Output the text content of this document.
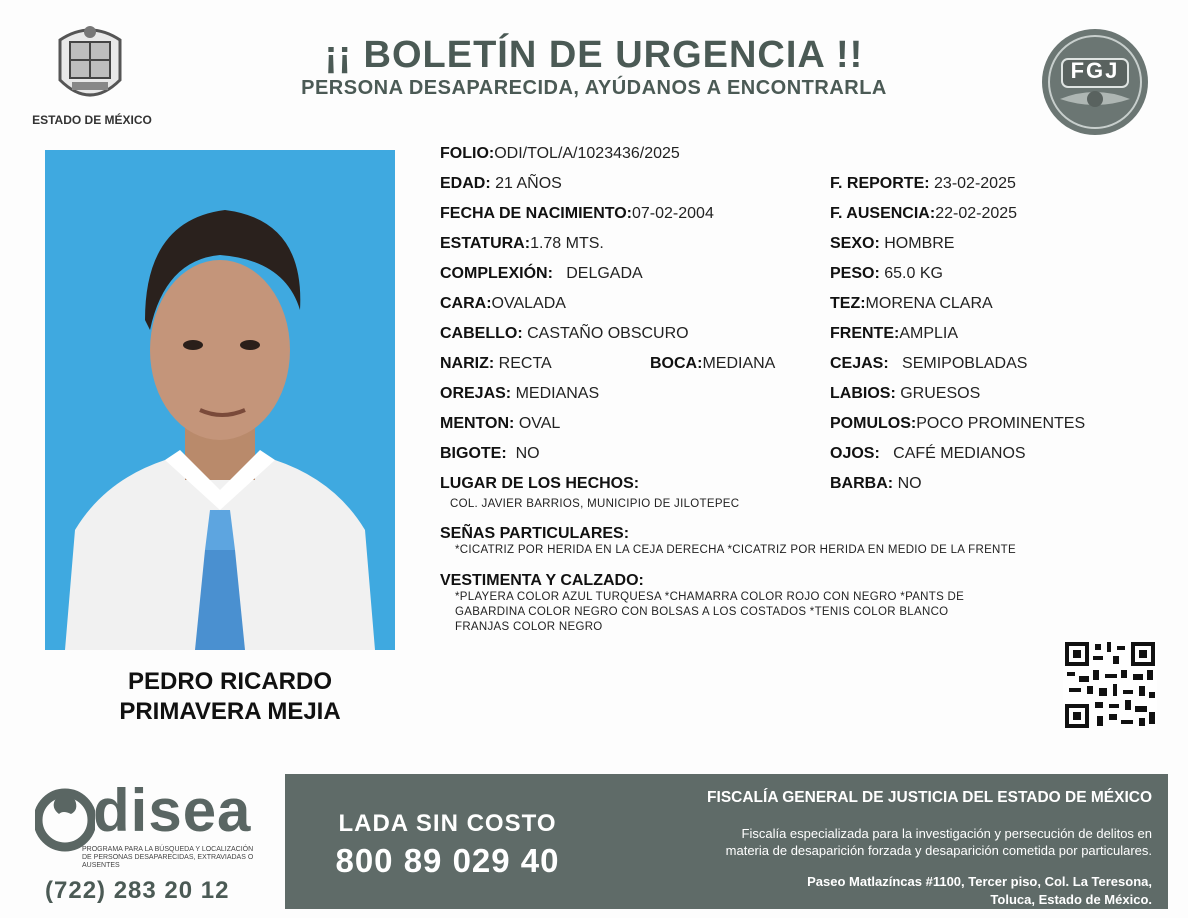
ESTADO DE MÉXICO
¡¡ BOLETÍN DE URGENCIA !!
PERSONA DESAPARECIDA, AYÚDANOS A ENCONTRARLA
FGJ
PEDRO RICARDO
PRIMAVERA MEJIA
FOLIO:ODI/TOL/A/1023436/2025
EDAD: 21 AÑOS
FECHA DE NACIMIENTO:07-02-2004
ESTATURA:1.78 MTS.
COMPLEXIÓN: DELGADA
CARA:OVALADA
CABELLO: CASTAÑO OBSCURO
NARIZ: RECTA	BOCA:MEDIANA
OREJAS: MEDIANAS
MENTON: OVAL
BIGOTE: NO
LUGAR DE LOS HECHOS:
COL. JAVIER BARRIOS, MUNICIPIO DE JILOTEPEC
F. REPORTE: 23-02-2025
F. AUSENCIA:22-02-2025
SEXO: HOMBRE
PESO: 65.0 KG
TEZ:MORENA CLARA
FRENTE:AMPLIA
CEJAS: SEMIPOBLADAS
LABIOS: GRUESOS
POMULOS:POCO PROMINENTES
OJOS: CAFÉ MEDIANOS
BARBA: NO
SEÑAS PARTICULARES:
*CICATRIZ POR HERIDA EN LA CEJA DERECHA *CICATRIZ POR HERIDA EN MEDIO DE LA FRENTE
VESTIMENTA Y CALZADO:
*PLAYERA COLOR AZUL TURQUESA *CHAMARRA COLOR ROJO CON NEGRO *PANTS DE
GABARDINA COLOR NEGRO CON BOLSAS A LOS COSTADOS *TENIS COLOR BLANCO
FRANJAS COLOR NEGRO
disea
PROGRAMA PARA LA BÚSQUEDA Y LOCALIZACIÓN
DE PERSONAS DESAPARECIDAS, EXTRAVIADAS O
AUSENTES
(722) 283 20 12
LADA SIN COSTO
800 89 029 40
FISCALÍA GENERAL DE JUSTICIA DEL ESTADO DE MÉXICO
Fiscalía especializada para la investigación y persecución de delitos en
materia de desaparición forzada y desaparición cometida por particulares.
Paseo Matlazíncas #1100, Tercer piso, Col. La Teresona,
Toluca, Estado de México.
